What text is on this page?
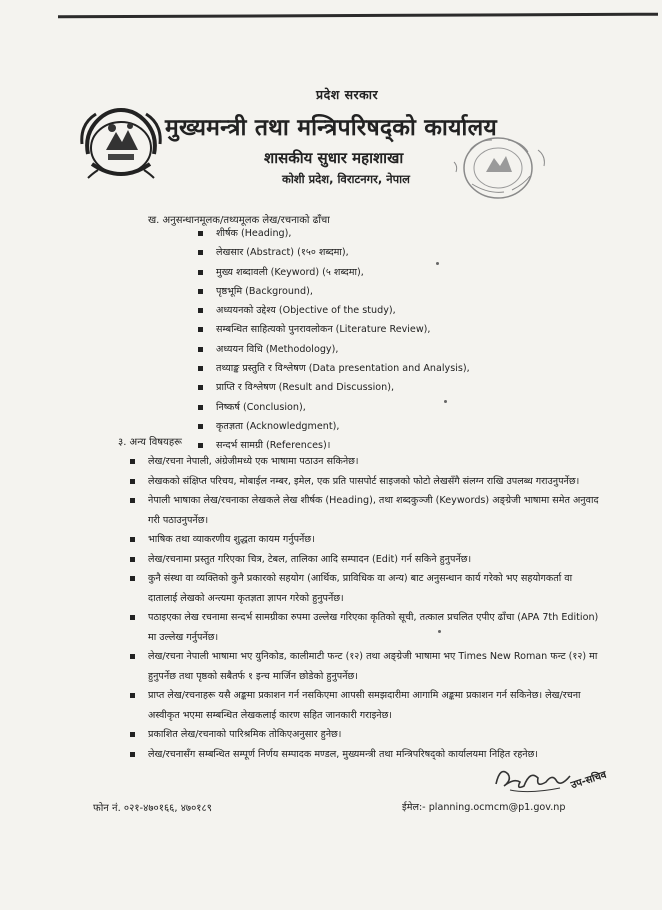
प्रदेश सरकार
मुख्यमन्त्री तथा मन्त्रिपरिषद्को कार्यालय
शासकीय सुधार महाशाखा
कोशी प्रदेश, विराटनगर, नेपाल
ख. अनुसन्धानमूलक/तथ्यमूलक लेख/रचनाको ढाँचा
शीर्षक (Heading),
लेखसार (Abstract) (१५० शब्दमा),
मुख्य शब्दावली (Keyword) (५ शब्दमा),
पृष्ठभूमि (Background),
अध्ययनको उद्देश्य (Objective of the study),
सम्बन्धित साहित्यको पुनरावलोकन (Literature Review),
अध्ययन विधि (Methodology),
तथ्याङ्क प्रस्तुति र विश्लेषण (Data presentation and Analysis),
प्राप्ति र विश्लेषण (Result and Discussion),
निष्कर्ष (Conclusion),
कृतज्ञता (Acknowledgment),
सन्दर्भ सामग्री (References)।
३. अन्य विषयहरू
लेख/रचना नेपाली, अंग्रेजीमध्ये एक भाषामा पठाउन सकिनेछ।
लेखकको संक्षिप्त परिचय, मोबाईल नम्बर, इमेल, एक प्रति पासपोर्ट साइजको फोटो लेखसँगै संलग्न राखि उपलब्ध गराउनुपर्नेछ।
नेपाली भाषाका लेख/रचनाका लेखकले लेख शीर्षक (Heading), तथा शब्दकुञ्जी (Keywords) अङ्ग्रेजी भाषामा समेत अनुवाद गरी पठाउनुपर्नेछ।
भाषिक तथा व्याकरणीय शुद्धता कायम गर्नुपर्नेछ।
लेख/रचनामा प्रस्तुत गरिएका चित्र, टेबल, तालिका आदि सम्पादन (Edit) गर्न सकिने हुनुपर्नेछ।
कुनै संस्था वा व्यक्तिको कुनै प्रकारको सहयोग (आर्थिक, प्राविधिक वा अन्य) बाट अनुसन्धान कार्य गरेको भए सहयोगकर्ता वा दातालाई लेखको अन्त्यमा कृतज्ञता ज्ञापन गरेको हुनुपर्नेछ।
पठाइएका लेख रचनामा सन्दर्भ सामग्रीका रुपमा उल्लेख गरिएका कृतिको सूची, तत्काल प्रचलित एपीए ढाँचा (APA 7th Edition) मा उल्लेख गर्नुपर्नेछ।
लेख/रचना नेपाली भाषामा भए युनिकोड, कालीमाटी फन्ट (१२) तथा अङ्ग्रेजी भाषामा भए Times New Roman फन्ट (१२) मा हुनुपर्नेछ तथा पृष्ठको सबैतर्फ १ इन्च मार्जिन छोडेको हुनुपर्नेछ।
प्राप्त लेख/रचनाहरू यसै अङ्कमा प्रकाशन गर्न नसकिएमा आपसी समझदारीमा आगामि अङ्कमा प्रकाशन गर्न सकिनेछ। लेख/रचना अस्वीकृत भएमा सम्बन्धित लेखकलाई कारण सहित जानकारी गराइनेछ।
प्रकाशित लेख/रचनाको पारिश्रमिक तोकिएअनुसार हुनेछ।
लेख/रचनासँग सम्बन्धित सम्पूर्ण निर्णय सम्पादक मण्डल, मुख्यमन्त्री तथा मन्त्रिपरिषद्को कार्यालयमा निहित रहनेछ।
उप-सचिव
फोन नं. ०२१-४७०१६६, ४७०१८९	ईमेल:- planning.ocmcm@p1.gov.np
